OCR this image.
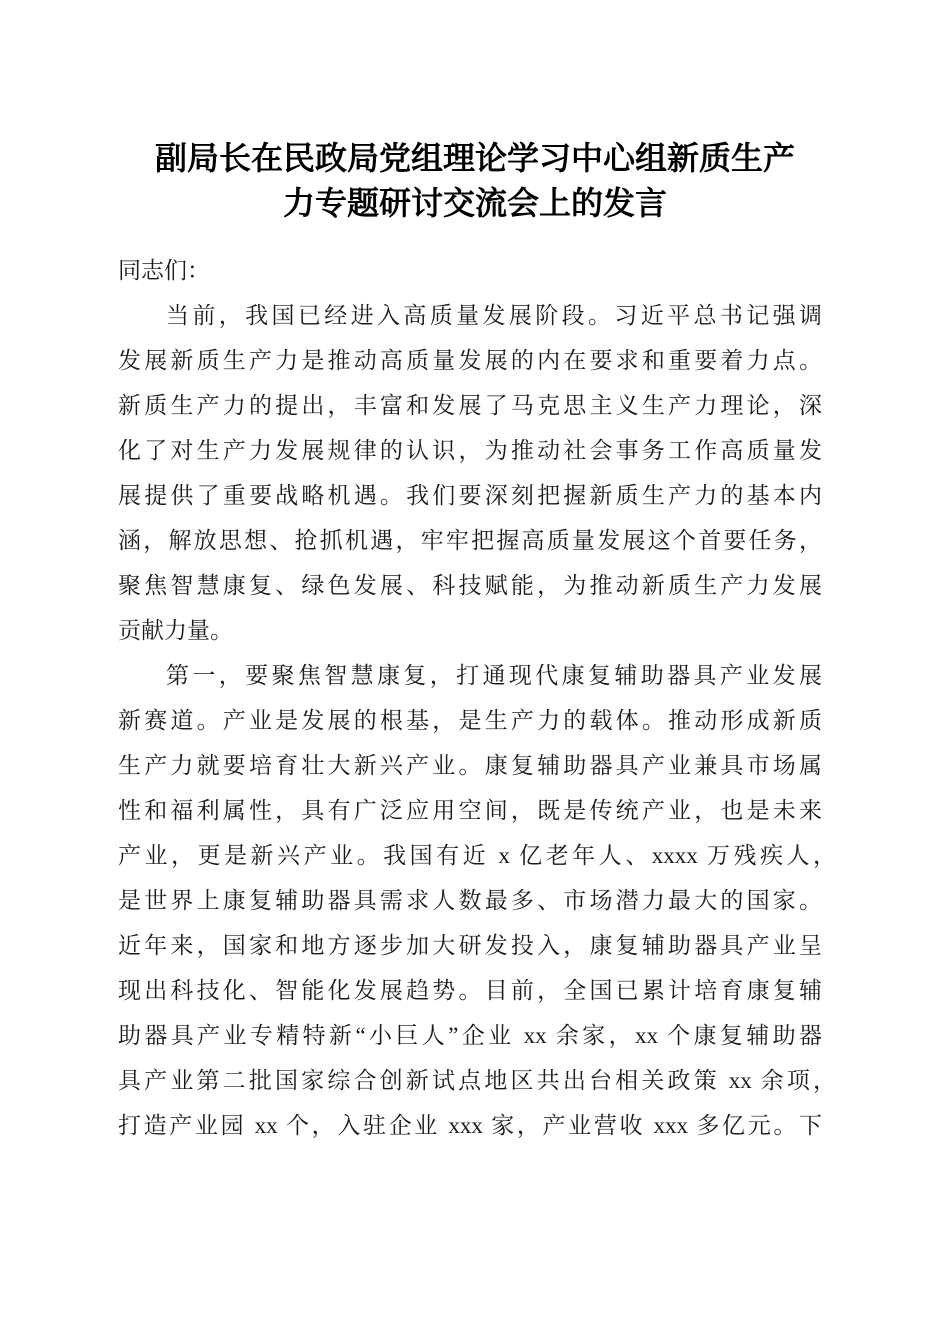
副局长在民政局党组理论学习中心组新质生产
力专题研讨交流会上的发言
同志们：
当前，我国已经进入高质量发展阶段。习近平总书记强调
发展新质生产力是推动高质量发展的内在要求和重要着力点。
新质生产力的提出，丰富和发展了马克思主义生产力理论，深
化了对生产力发展规律的认识，为推动社会事务工作高质量发
展提供了重要战略机遇。我们要深刻把握新质生产力的基本内
涵，解放思想、抢抓机遇，牢牢把握高质量发展这个首要任务，
聚焦智慧康复、绿色发展、科技赋能，为推动新质生产力发展
贡献力量。
第一，要聚焦智慧康复，打通现代康复辅助器具产业发展
新赛道。产业是发展的根基，是生产力的载体。推动形成新质
生产力就要培育壮大新兴产业。康复辅助器具产业兼具市场属
性和福利属性，具有广泛应用空间，既是传统产业，也是未来
产业，更是新兴产业。我国有近 x 亿老年人、xxxx 万残疾人，
是世界上康复辅助器具需求人数最多、市场潜力最大的国家。
近年来，国家和地方逐步加大研发投入，康复辅助器具产业呈
现出科技化、智能化发展趋势。目前，全国已累计培育康复辅
助器具产业专精特新“小巨人”企业 xx 余家，xx 个康复辅助器
具产业第二批国家综合创新试点地区共出台相关政策 xx 余项，
打造产业园 xx 个，入驻企业 xxx 家，产业营收 xxx 多亿元。下
